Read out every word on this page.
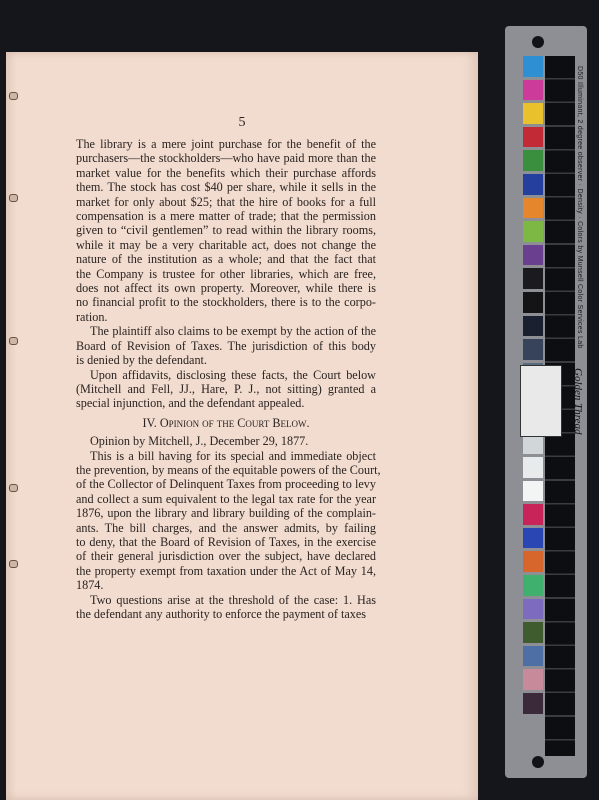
5
The library is a mere joint purchase for the benefit of the
purchasers—the stockholders—who have paid more than the
market value for the benefits which their purchase affords
them. The stock has cost $40 per share, while it sells in the
market for only about $25; that the hire of books for a full
compensation is a mere matter of trade; that the permission
given to “civil gentlemen” to read within the library rooms,
while it may be a very charitable act, does not change the
nature of the institution as a whole; and that the fact that
the Company is trustee for other libraries, which are free,
does not affect its own property. Moreover, while there is
no financial profit to the stockholders, there is to the corpo-
ration.
The plaintiff also claims to be exempt by the action of the
Board of Revision of Taxes. The jurisdiction of this body
is denied by the defendant.
Upon affidavits, disclosing these facts, the Court below
(Mitchell and Fell, JJ., Hare, P. J., not sitting) granted a
special injunction, and the defendant appealed.
IV. Opinion of the Court Below.
Opinion by Mitchell, J., December 29, 1877.
This is a bill having for its special and immediate object
the prevention, by means of the equitable powers of the Court,
of the Collector of Delinquent Taxes from proceeding to levy
and collect a sum equivalent to the legal tax rate for the year
1876, upon the library and library building of the complain-
ants. The bill charges, and the answer admits, by failing
to deny, that the Board of Revision of Taxes, in the exercise
of their general jurisdiction over the subject, have declared
the property exempt from taxation under the Act of May 14,
1874.
Two questions arise at the threshold of the case: 1. Has
the defendant any authority to enforce the payment of taxes
D50 Illuminant, 2 degree observer · Density · Colors by Munsell Color Services Lab
Golden Thread
